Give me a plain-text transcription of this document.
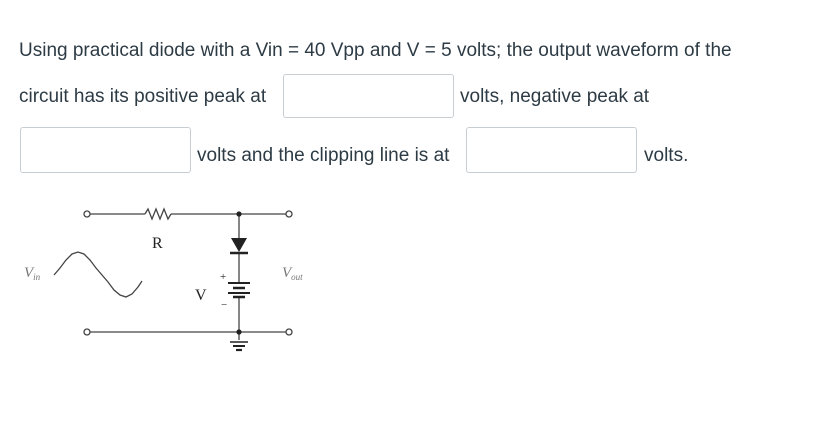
Using practical diode with a Vin = 40 Vpp and V = 5 volts; the output waveform of the
circuit has its positive peak at	volts, negative peak at
volts and the clipping line is at	volts.
R
$V_{in}$	$V_{out}$
V
+
−
